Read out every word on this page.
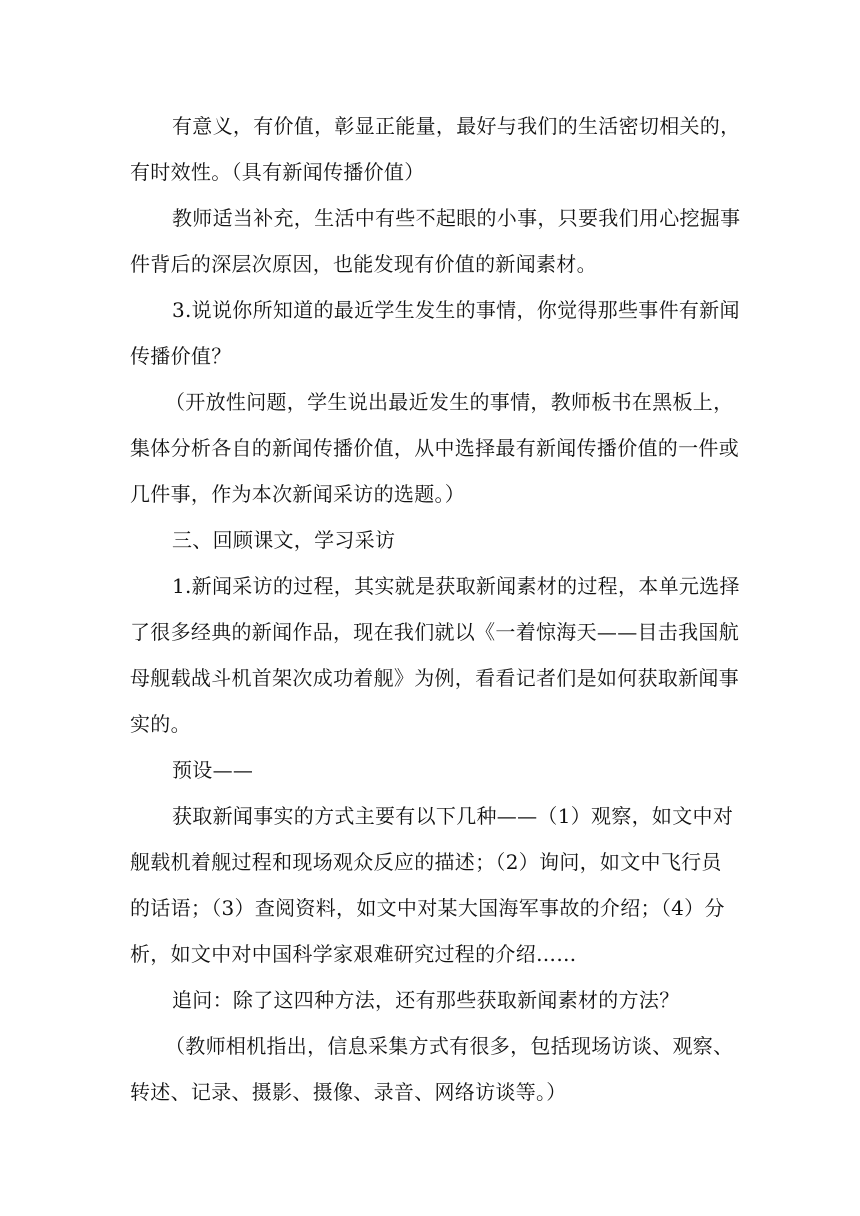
有意义，有价值，彰显正能量，最好与我们的生活密切相关的，
有时效性。（具有新闻传播价值）
教师适当补充，生活中有些不起眼的小事，只要我们用心挖掘事
件背后的深层次原因，也能发现有价值的新闻素材。
3.说说你所知道的最近学生发生的事情，你觉得那些事件有新闻
传播价值？
（开放性问题，学生说出最近发生的事情，教师板书在黑板上，
集体分析各自的新闻传播价值，从中选择最有新闻传播价值的一件或
几件事，作为本次新闻采访的选题。）
三、回顾课文，学习采访
1.新闻采访的过程，其实就是获取新闻素材的过程，本单元选择
了很多经典的新闻作品，现在我们就以《一着惊海天——目击我国航
母舰载战斗机首架次成功着舰》为例，看看记者们是如何获取新闻事
实的。
预设——
获取新闻事实的方式主要有以下几种——（1）观察，如文中对
舰载机着舰过程和现场观众反应的描述；（2）询问，如文中飞行员
的话语；（3）查阅资料，如文中对某大国海军事故的介绍；（4）分
析，如文中对中国科学家艰难研究过程的介绍……
追问：除了这四种方法，还有那些获取新闻素材的方法？
（教师相机指出，信息采集方式有很多，包括现场访谈、观察、
转述、记录、摄影、摄像、录音、网络访谈等。）
